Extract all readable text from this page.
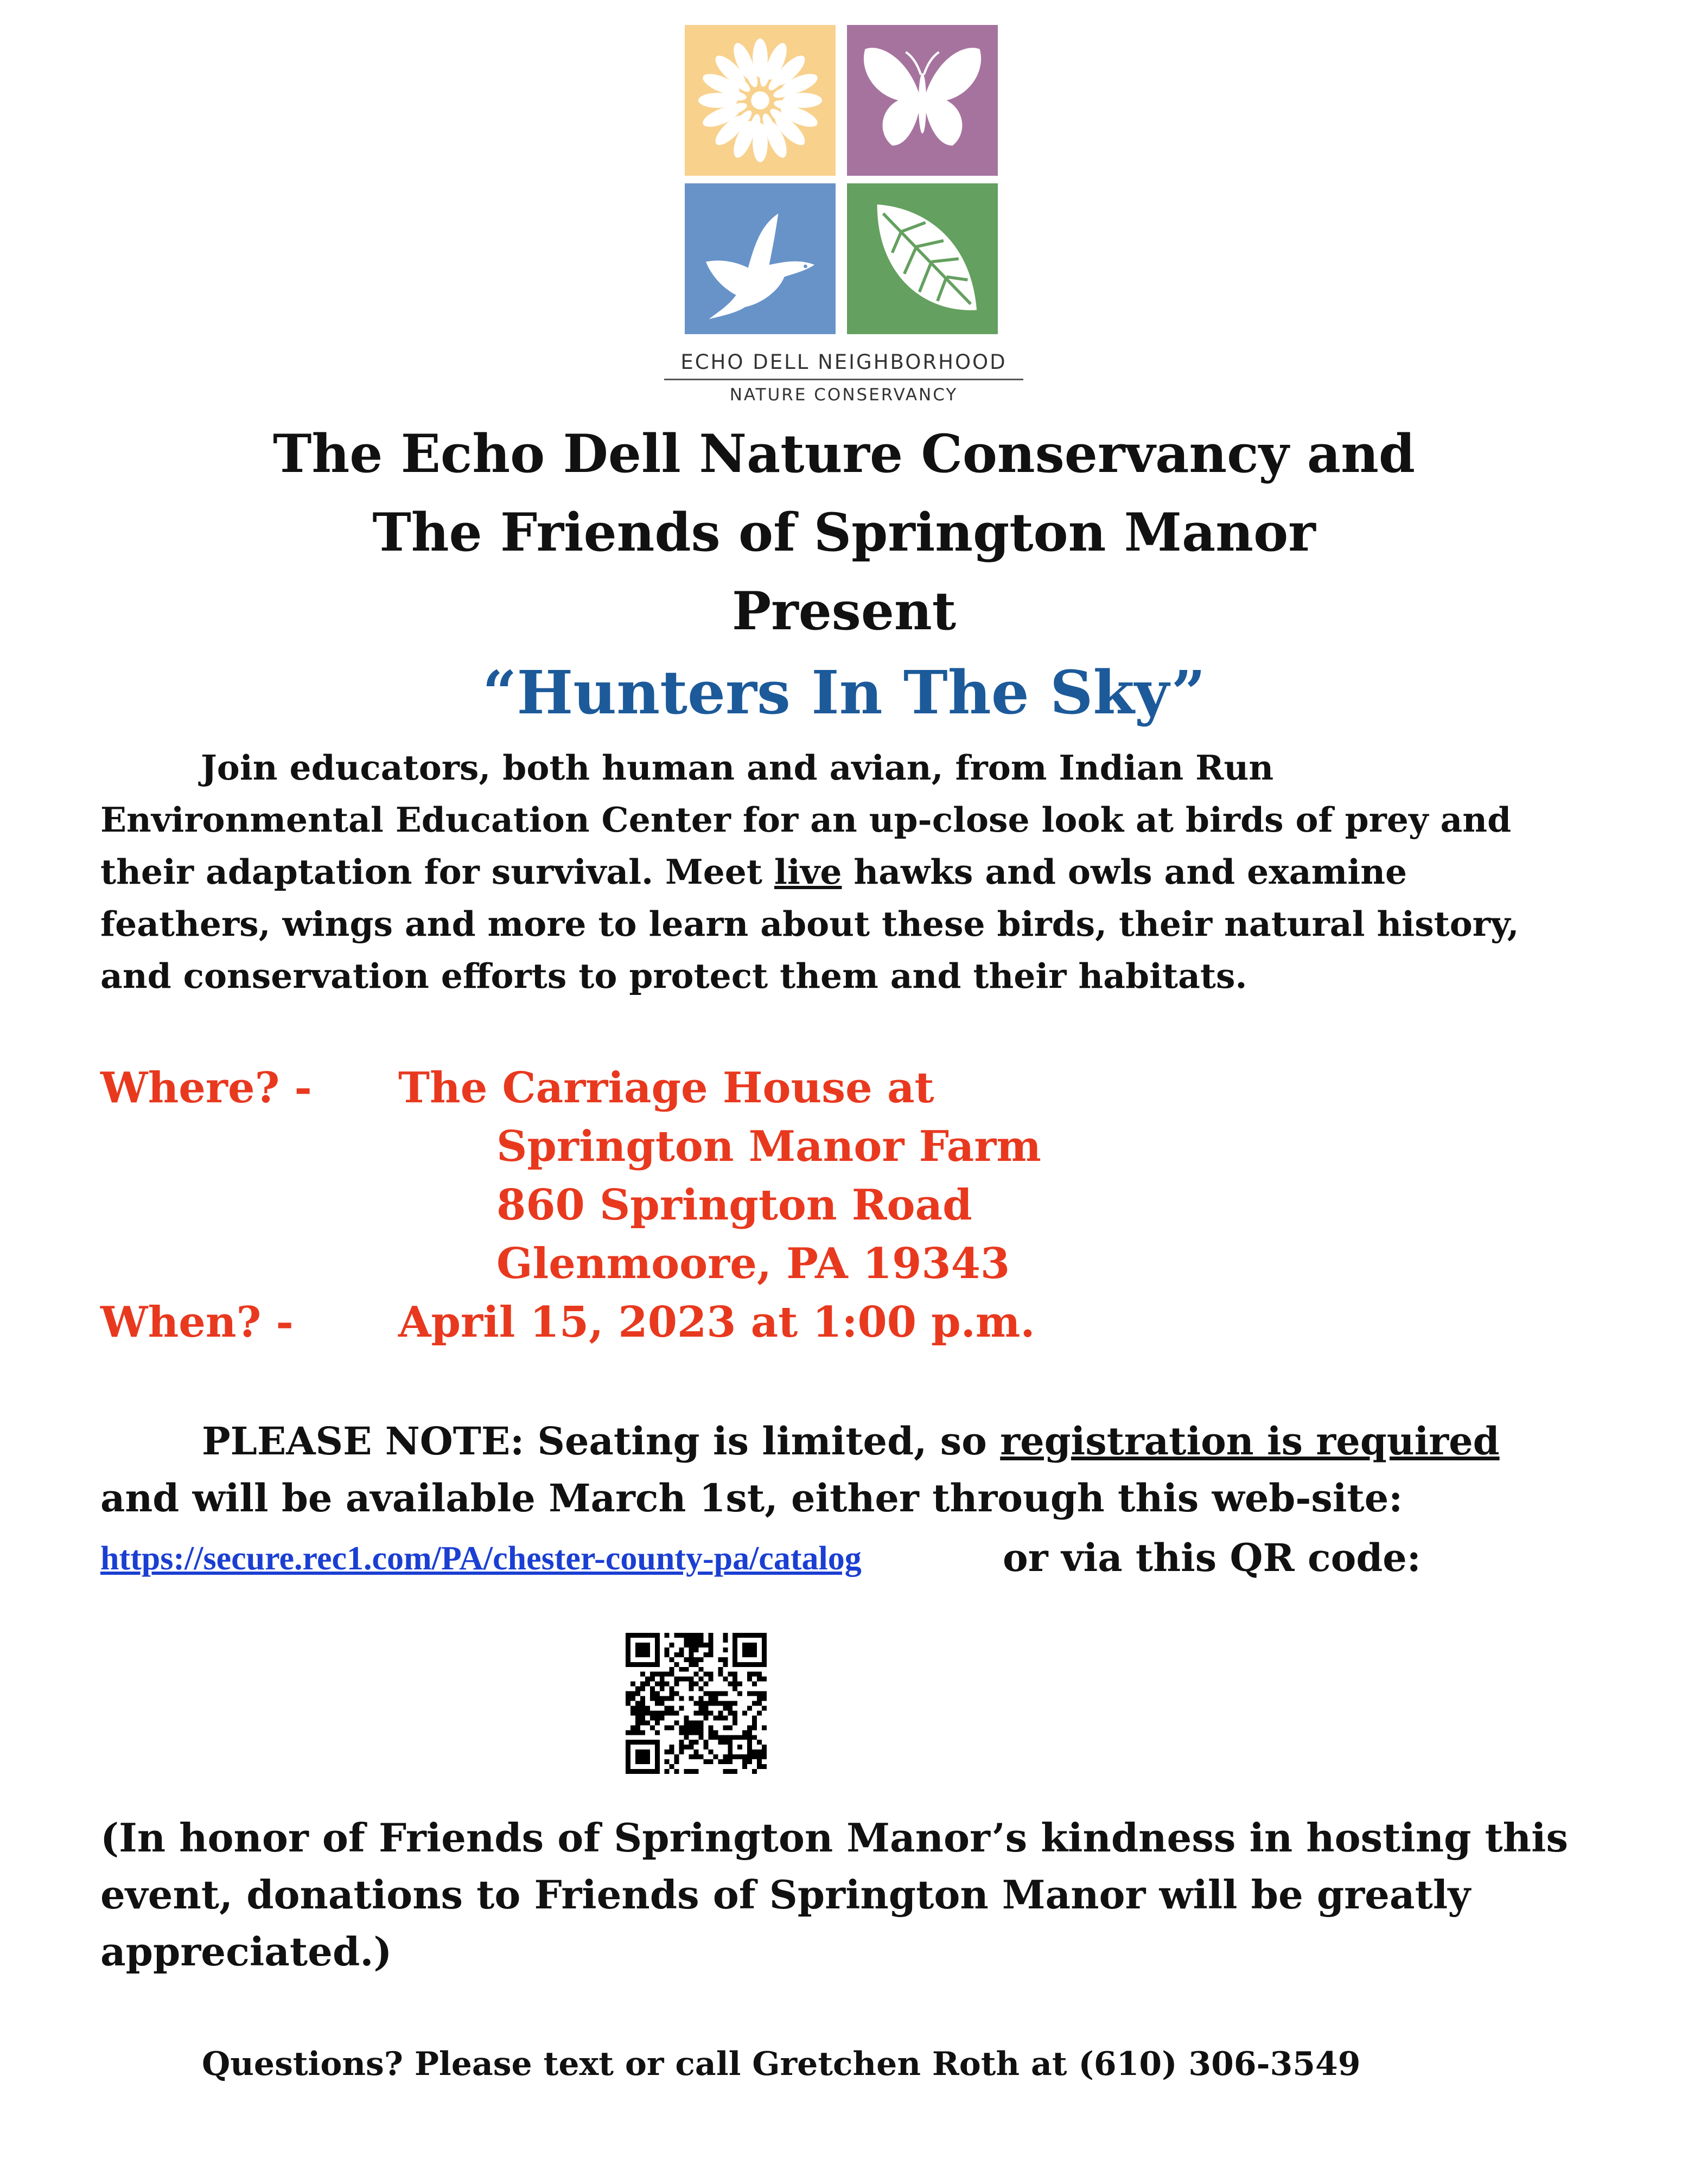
ECHO DELL NEIGHBORHOOD
NATURE CONSERVANCY
The Echo Dell Nature Conservancy and
The Friends of Springton Manor
Present
“Hunters In The Sky”
Join educators, both human and avian, from Indian Run
Environmental Education Center for an up-close look at birds of prey and
their adaptation for survival. Meet live hawks and owls and examine
feathers, wings and more to learn about these birds, their natural history,
and conservation efforts to protect them and their habitats.
Where? - The Carriage House at
Springton Manor Farm
860 Springton Road
Glenmoore, PA 19343
When? - April 15, 2023 at 1:00 p.m.
PLEASE NOTE: Seating is limited, so registration is required
and will be available March 1st, either through this web-site:
https://secure.rec1.com/PA/chester-county-pa/catalog	or via this QR code:
(In honor of Friends of Springton Manor’s kindness in hosting this
event, donations to Friends of Springton Manor will be greatly
appreciated.)
Questions? Please text or call Gretchen Roth at (610) 306-3549
